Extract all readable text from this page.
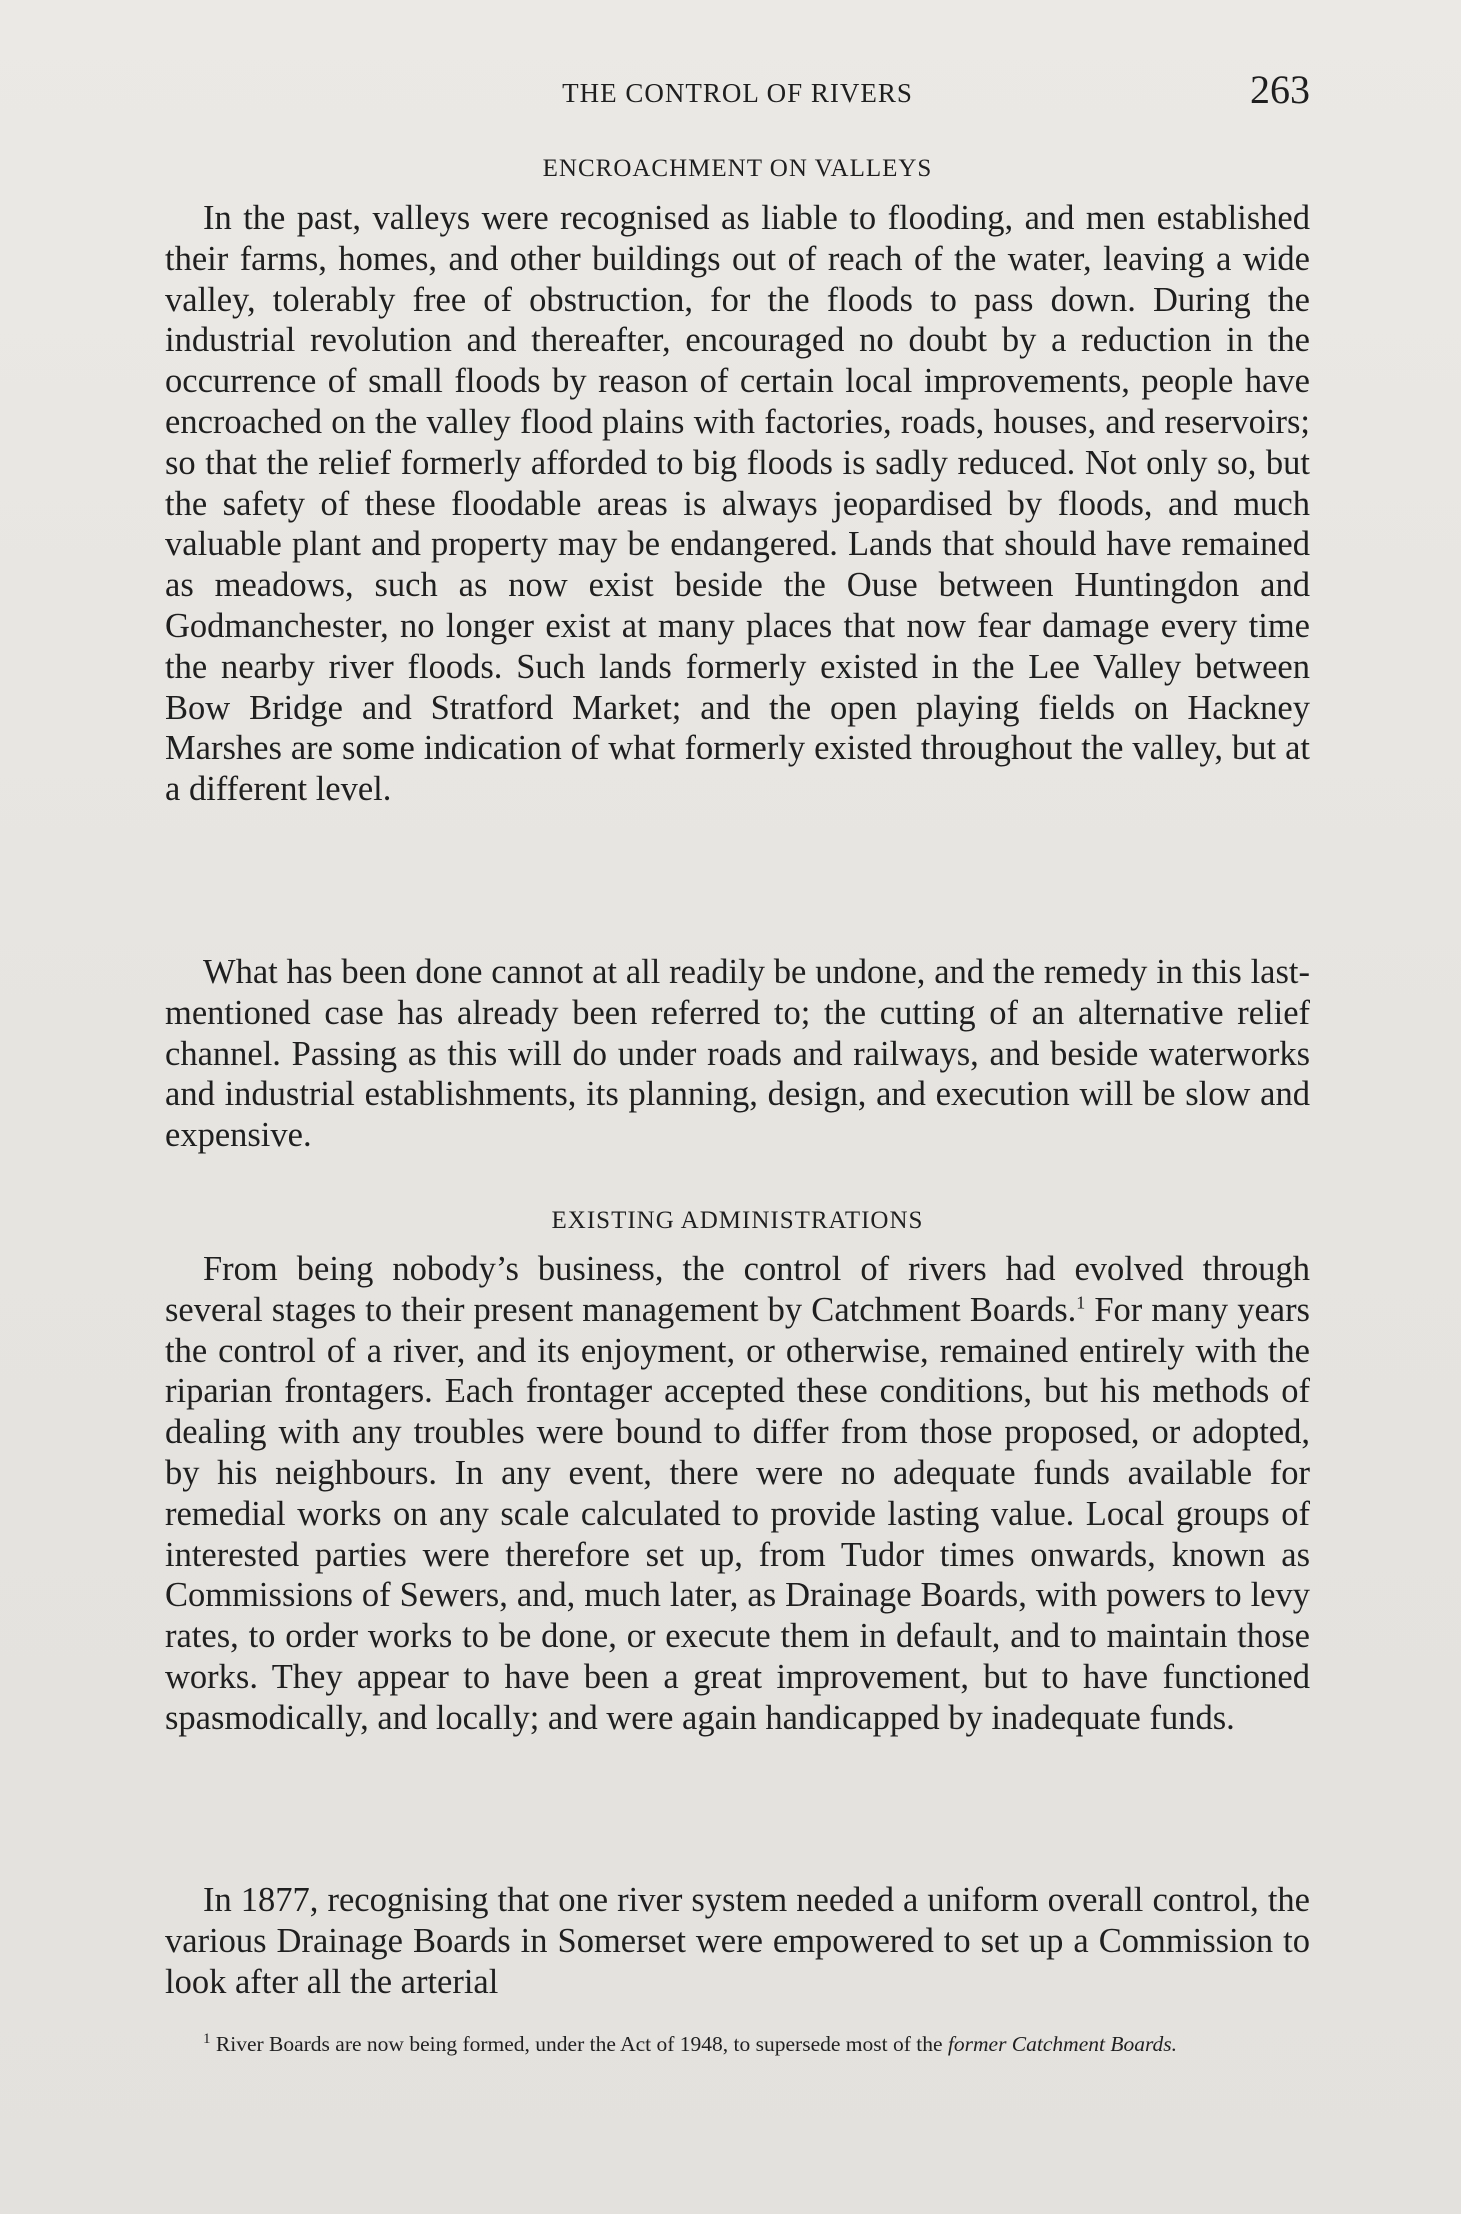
THE CONTROL OF RIVERS	263
ENCROACHMENT ON VALLEYS

In the past, valleys were recognised as liable to flooding, and men established their farms, homes, and other buildings out of reach of the water, leaving a wide valley, tolerably free of obstruction, for the floods to pass down. During the industrial revolution and thereafter, encouraged no doubt by a reduction in the occurrence of small floods by reason of certain local improvements, people have encroached on the valley flood plains with factories, roads, houses, and reservoirs; so that the relief formerly afforded to big floods is sadly reduced. Not only so, but the safety of these floodable areas is always jeopardised by floods, and much valuable plant and property may be endangered. Lands that should have remained as meadows, such as now exist beside the Ouse between Huntingdon and Godmanchester, no longer exist at many places that now fear damage every time the nearby river floods. Such lands formerly existed in the Lee Valley between Bow Bridge and Stratford Market; and the open playing fields on Hackney Marshes are some indication of what formerly existed throughout the valley, but at a different level.

What has been done cannot at all readily be undone, and the remedy in this last-mentioned case has already been referred to; the cutting of an alternative relief channel. Passing as this will do under roads and railways, and beside waterworks and industrial establishments, its planning, design, and execution will be slow and expensive.

EXISTING ADMINISTRATIONS

From being nobody’s business, the control of rivers had evolved through several stages to their present management by Catchment Boards.$^1$ For many years the control of a river, and its enjoyment, or otherwise, remained entirely with the riparian frontagers. Each frontager accepted these conditions, but his methods of dealing with any troubles were bound to differ from those proposed, or adopted, by his neighbours. In any event, there were no adequate funds available for remedial works on any scale calculated to provide lasting value. Local groups of interested parties were therefore set up, from Tudor times onwards, known as Commissions of Sewers, and, much later, as Drainage Boards, with powers to levy rates, to order works to be done, or execute them in default, and to maintain those works. They appear to have been a great improvement, but to have functioned spasmodically, and locally; and were again handicapped by inadequate funds.

In 1877, recognising that one river system needed a uniform overall control, the various Drainage Boards in Somerset were empowered to set up a Commission to look after all the arterial

$^1$ River Boards are now being formed, under the Act of 1948, to supersede most of the former Catchment Boards.
